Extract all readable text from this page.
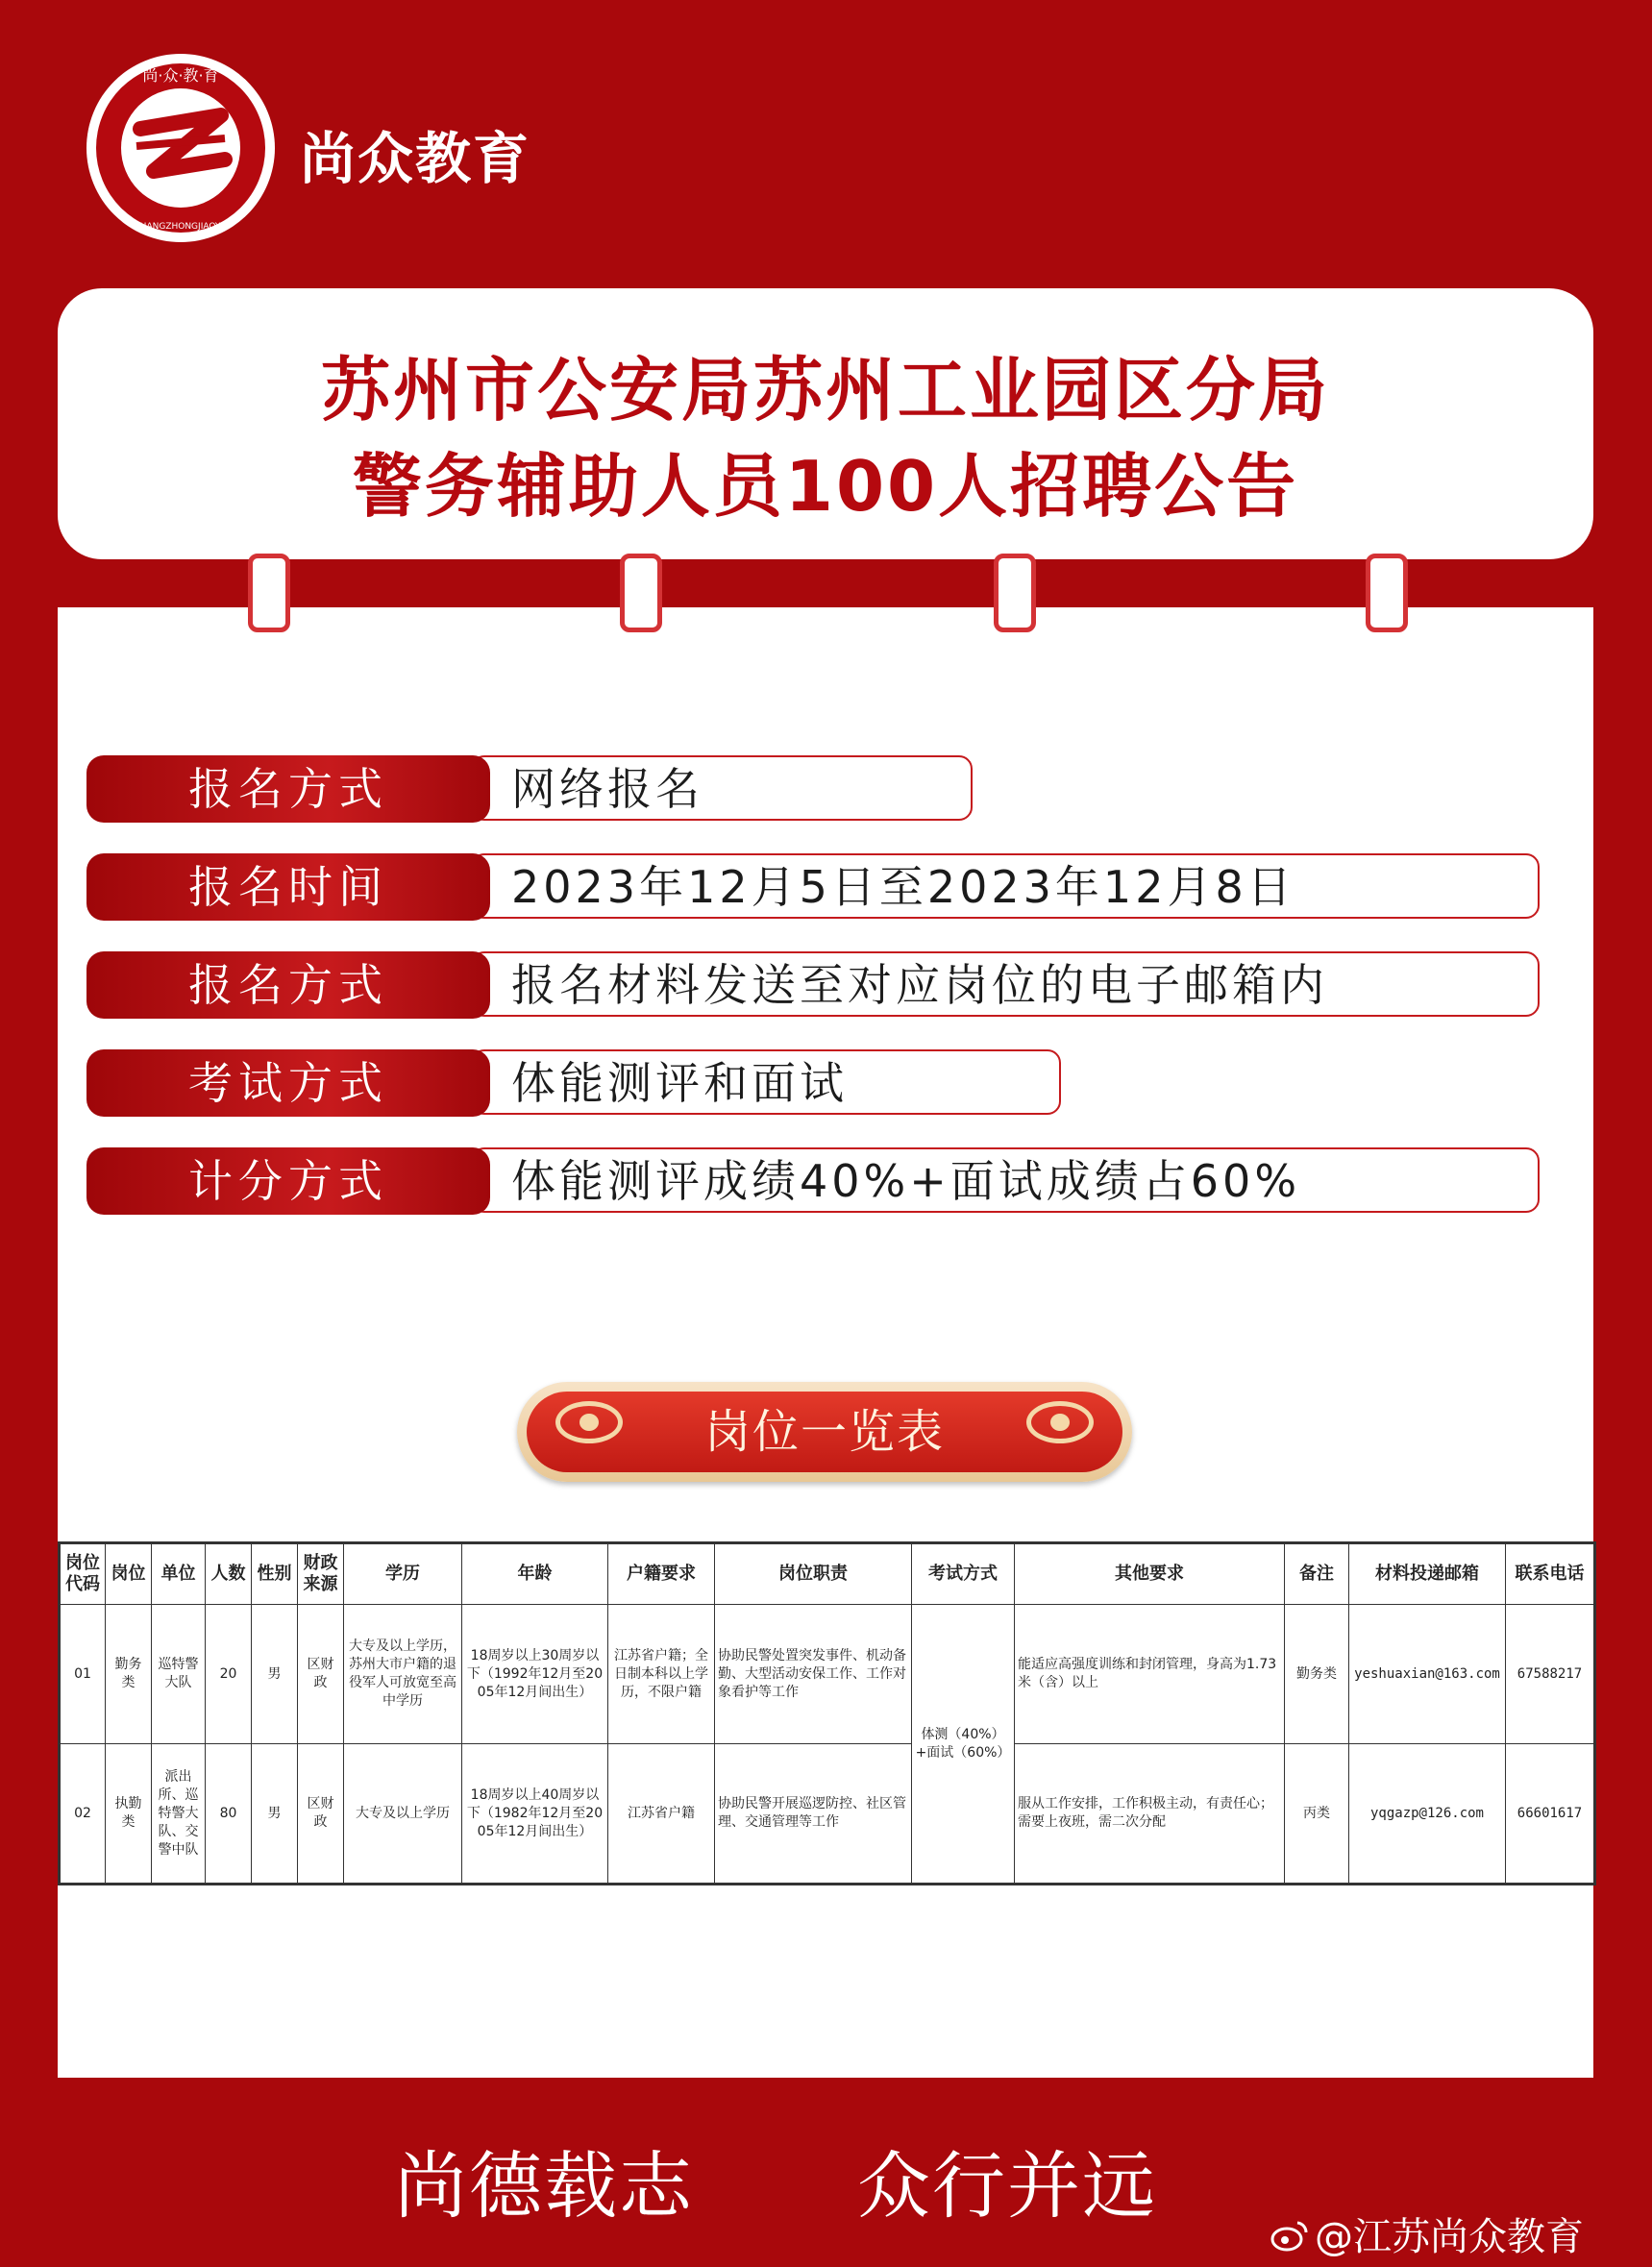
尚·众·教·育
SHANGZHONGJIAOYU
尚众教育
苏州市公安局苏州工业园区分局
警务辅助人员100人招聘公告
报名方式	网络报名
报名时间	2023年12月5日至2023年12月8日
报名方式	报名材料发送至对应岗位的电子邮箱内
考试方式	体能测评和面试
计分方式	体能测评成绩40%+面试成绩占60%
岗位一览表
岗位代码	岗位	单位	人数	性别	财政来源	学历	年龄	户籍要求	岗位职责	考试方式	其他要求	备注	材料投递邮箱	联系电话
01	勤务类	巡特警大队	20	男	区财政	大专及以上学历，苏州大市户籍的退役军人可放宽至高中学历	18周岁以上30周岁以下（1992年12月至2005年12月间出生）	江苏省户籍；全日制本科以上学历，不限户籍	协助民警处置突发事件、机动备勤、大型活动安保工作、工作对象看护等工作	体测（40%）+面试（60%）	能适应高强度训练和封闭管理，身高为1.73米（含）以上	勤务类	yeshuaxian@163.com	67588217
02	执勤类	派出所、巡特警大队、交警中队	80	男	区财政	大专及以上学历	18周岁以上40周岁以下（1982年12月至2005年12月间出生）	江苏省户籍	协助民警开展巡逻防控、社区管理、交通管理等工作		服从工作安排，工作积极主动，有责任心；需要上夜班，需二次分配	丙类	yqgazp@126.com	66601617
尚德载志 众行并远
@江苏尚众教育
